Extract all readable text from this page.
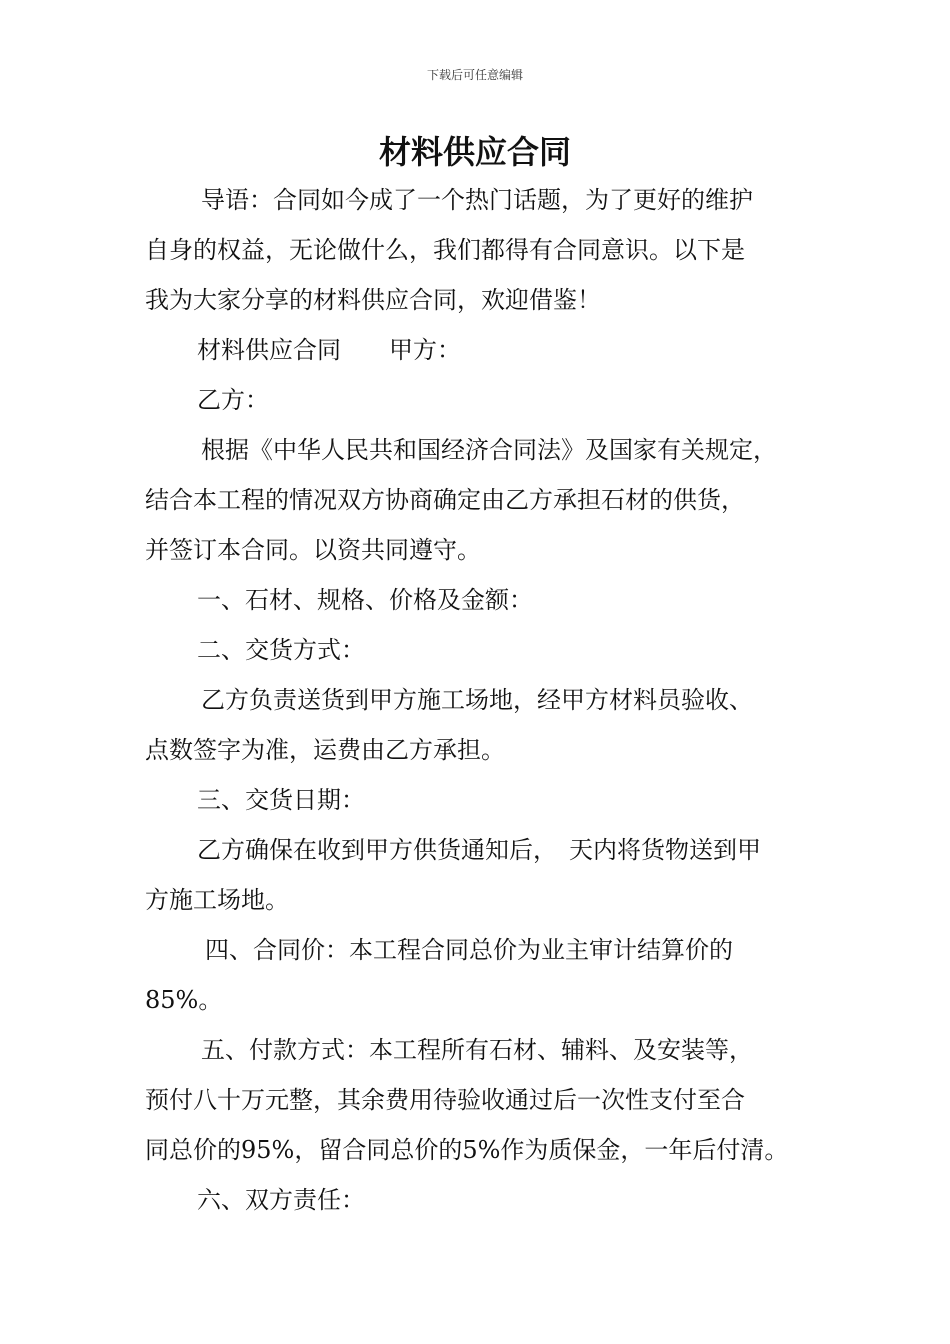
下载后可任意编辑
材料供应合同
导语：合同如今成了一个热门话题，为了更好的维护
自身的权益，无论做什么，我们都得有合同意识。以下是
我为大家分享的材料供应合同，欢迎借鉴！
材料供应合同　　甲方：
乙方：
根据《中华人民共和国经济合同法》及国家有关规定，
结合本工程的情况双方协商确定由乙方承担石材的供货，
并签订本合同。以资共同遵守。
一、石材、规格、价格及金额：
二、交货方式：
乙方负责送货到甲方施工场地，经甲方材料员验收、
点数签字为准，运费由乙方承担。
三、交货日期：
乙方确保在收到甲方供货通知后，　天内将货物送到甲
方施工场地。
四、合同价：本工程合同总价为业主审计结算价的
85%。
五、付款方式：本工程所有石材、辅料、及安装等，
预付八十万元整，其余费用待验收通过后一次性支付至合
同总价的95%，留合同总价的5%作为质保金，一年后付清。
六、双方责任：
